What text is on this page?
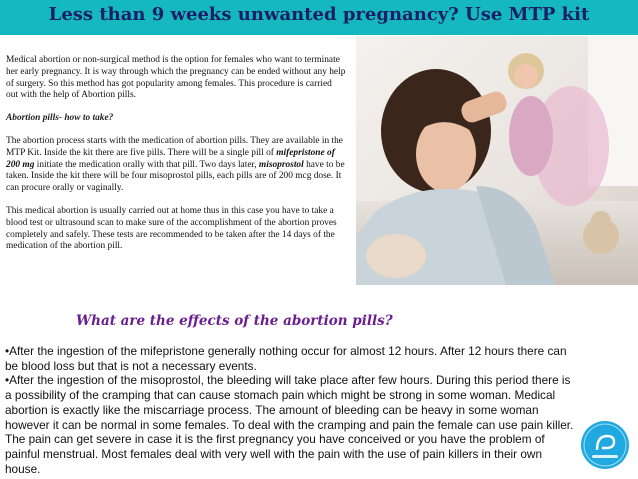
Less than 9 weeks unwanted pregnancy? Use MTP kit

Medical abortion or non-surgical method is the option for females who want to terminate her early pregnancy. It is way through which the pregnancy can be ended without any help of surgery. So this method has got popularity among females. This procedure is carried out with the help of Abortion pills.

Abortion pills- how to take?

The abortion process starts with the medication of abortion pills. They are available in the MTP Kit. Inside the kit there are five pills. There will be a single pill of mifepristone of 200 mg initiate the medication orally with that pill. Two days later, misoprostol have to be taken. Inside the kit there will be four misoprostol pills, each pills are of 200 mcg dose. It can procure orally or vaginally.

This medical abortion is usually carried out at home thus in this case you have to take a blood test or ultrasound scan to make sure of the accomplishment of the abortion proves completely and safely. These tests are recommended to be taken after the 14 days of the medication of the abortion pill.

What are the effects of the abortion pills?

•After the ingestion of the mifepristone generally nothing occur for almost 12 hours. After 12 hours there can be blood loss but that is not a necessary events.

•After the ingestion of the misoprostol, the bleeding will take place after few hours. During this period there is a possibility of the cramping that can cause stomach pain which might be strong in some woman. Medical abortion is exactly like the miscarriage process. The amount of bleeding can be heavy in some woman however it can be normal in some females. To deal with the cramping and pain the female can use pain killer. The pain can get severe in case it is the first pregnancy you have conceived or you have the problem of painful menstrual. Most females deal with very well with the pain with the use of pain killers in their own house.
